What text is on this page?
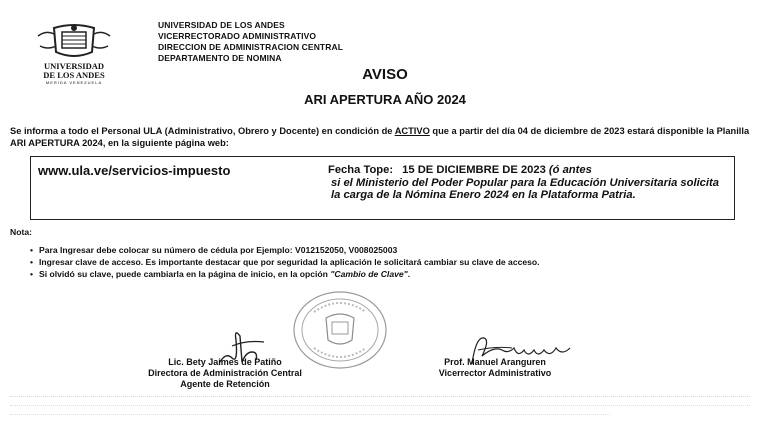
UNIVERSIDAD
DE LOS ANDES
MERIDA VENEZUELA
UNIVERSIDAD DE LOS ANDES
VICERRECTORADO ADMINISTRATIVO
DIRECCION DE ADMINISTRACION CENTRAL
DEPARTAMENTO DE NOMINA
AVISO
ARI APERTURA AÑO 2024
Se informa a todo el Personal ULA (Administrativo, Obrero y Docente) en condición de ACTIVO que a partir del día 04 de diciembre de 2023 estará disponible la Planilla ARI APERTURA 2024, en la siguiente página web:
www.ula.ve/servicios-impuesto	Fecha Tope: 15 DE DICIEMBRE DE 2023 (ó antes
si el Ministerio del Poder Popular para la Educación Universitaria solicita la carga de la Nómina Enero 2024 en la Plataforma Patria.
Nota:
• Para Ingresar debe colocar su número de cédula por Ejemplo: V012152050, V008025003
• Ingresar clave de acceso. Es importante destacar que por seguridad la aplicación le solicitará cambiar su clave de acceso.
• Si olvidó su clave, puede cambiarla en la página de inicio, en la opción "Cambio de Clave".
Lic. Bety Jaimes de Patiño
Directora de Administración Central
Agente de Retención
Prof. Manuel Aranguren
Vicerrector Administrativo
